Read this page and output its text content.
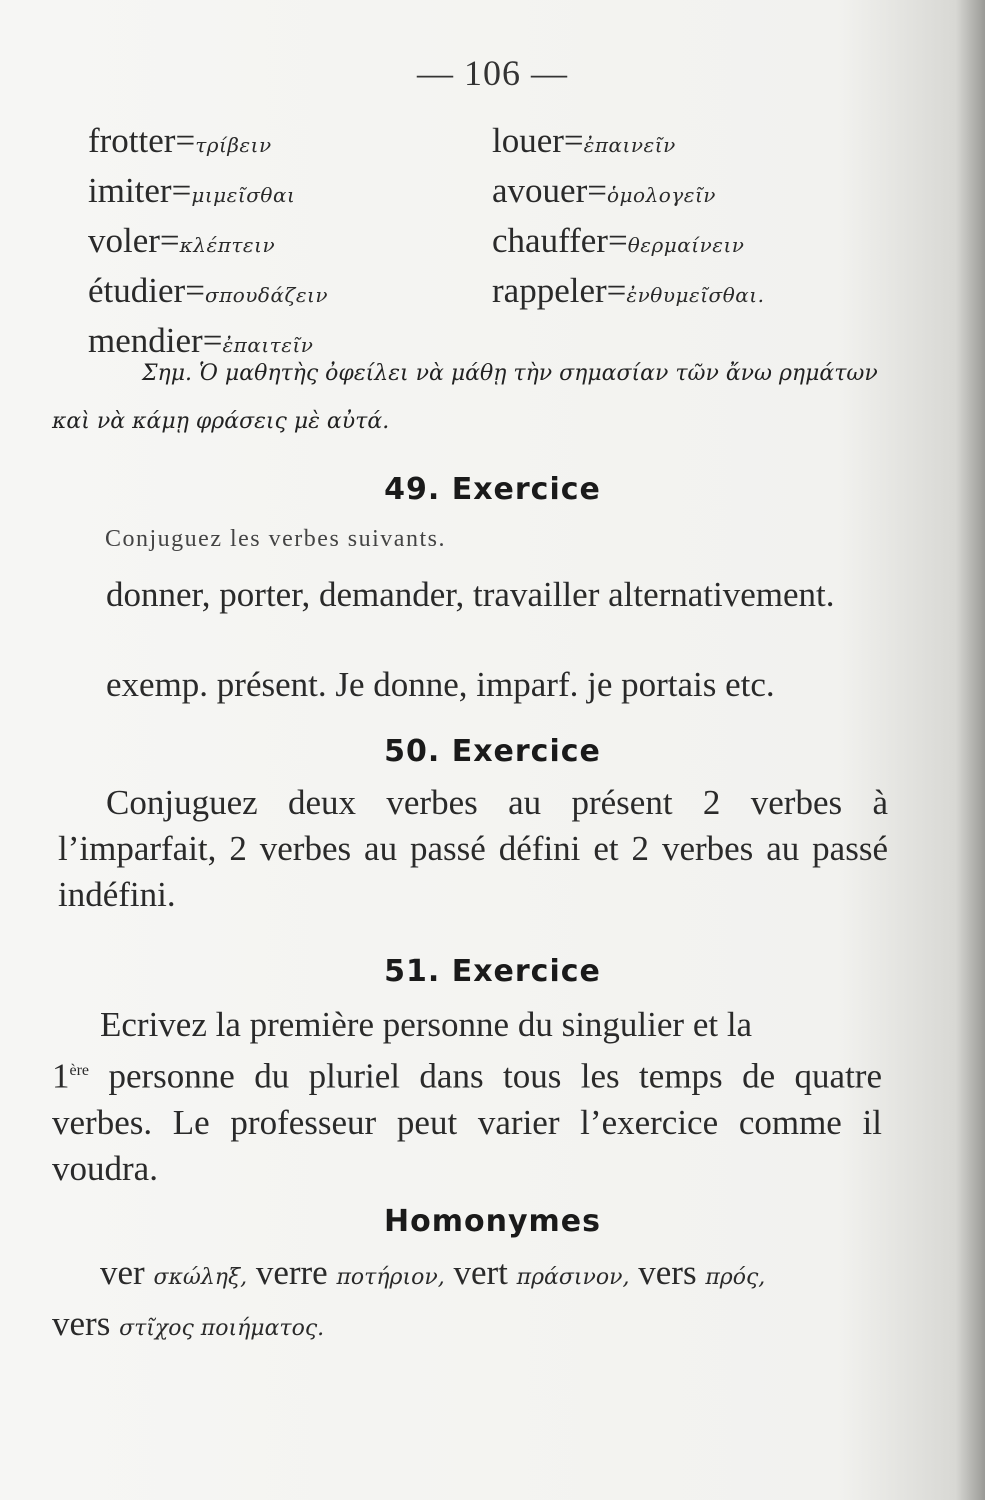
— 106 —
frotter=τρίβειν
imiter=μιμεῖσθαι
voler=κλέπτειν
étudier=σπουδάζειν
mendier=ἐπαιτεῖν
louer=ἐπαινεῖν
avouer=ὁμολογεῖν
chauffer=θερμαίνειν
rappeler=ἐνθυμεῖσθαι.
Σημ. Ὁ μαθητὴς ὀφείλει νὰ μάθῃ τὴν σημασίαν τῶν ἄνω ρημάτων καὶ νὰ κάμῃ φράσεις μὲ αὐτά.
49. Exercice
Conjuguez les verbes suivants.
donner, porter, demander, travailler alternativement.
exemp. présent. Je donne, imparf. je portais etc.
50. Exercice
Conjuguez deux verbes au présent 2 verbes à l’imparfait, 2 verbes au passé défini et 2 verbes au passé indéfini.
51. Exercice
Ecrivez la première personne du singulier et la
1ère personne du pluriel dans tous les temps de quatre verbes. Le professeur peut varier l’exercice comme il voudra.
Homonymes
ver σκώληξ, verre ποτήριον, vert πράσινον, vers πρός,
vers στῖχος ποιήματος.
